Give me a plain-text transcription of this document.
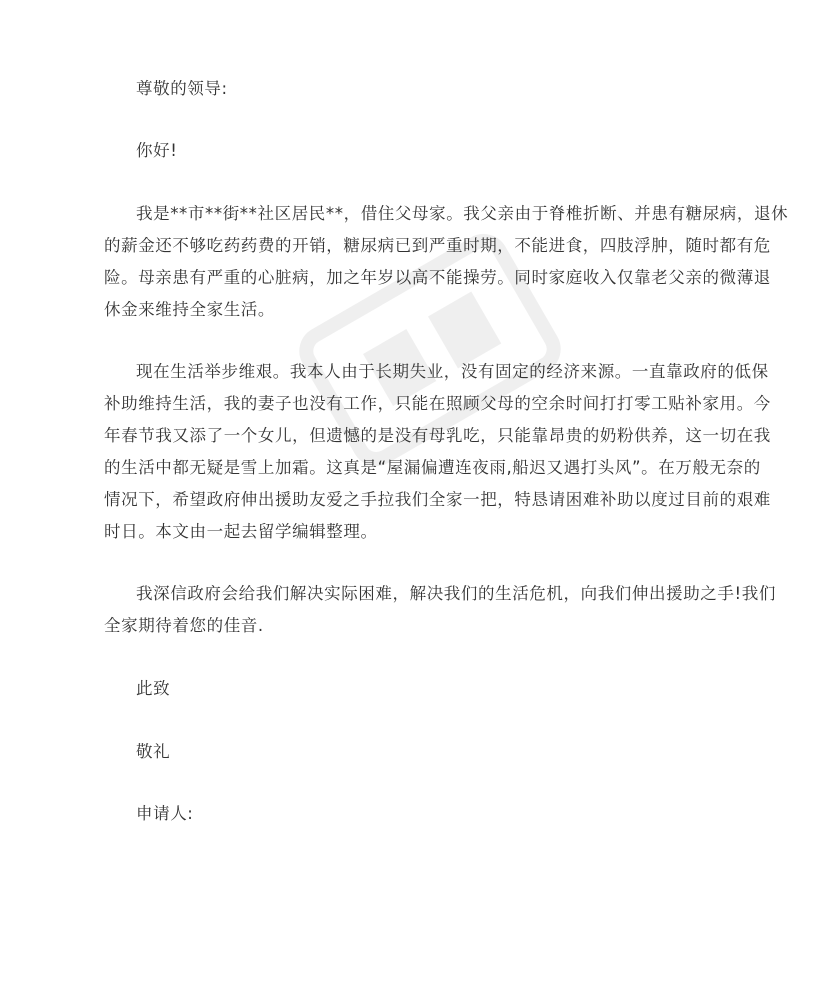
尊敬的领导:
你好!
我是**市**街**社区居民**，借住父母家。我父亲由于脊椎折断、并患有糖尿病，退休
的薪金还不够吃药药费的开销，糖尿病已到严重时期，不能进食，四肢浮肿，随时都有危
险。母亲患有严重的心脏病，加之年岁以高不能操劳。同时家庭收入仅靠老父亲的微薄退
休金来维持全家生活。
现在生活举步维艰。我本人由于长期失业，没有固定的经济来源。一直靠政府的低保
补助维持生活，我的妻子也没有工作，只能在照顾父母的空余时间打打零工贴补家用。今
年春节我又添了一个女儿，但遗憾的是没有母乳吃，只能靠昂贵的奶粉供养，这一切在我
的生活中都无疑是雪上加霜。这真是“屋漏偏遭连夜雨,船迟又遇打头风”。在万般无奈的
情况下，希望政府伸出援助友爱之手拉我们全家一把，特恳请困难补助以度过目前的艰难
时日。本文由一起去留学编辑整理。
我深信政府会给我们解决实际困难，解决我们的生活危机，向我们伸出援助之手!我们
全家期待着您的佳音.
此致
敬礼
申请人:
